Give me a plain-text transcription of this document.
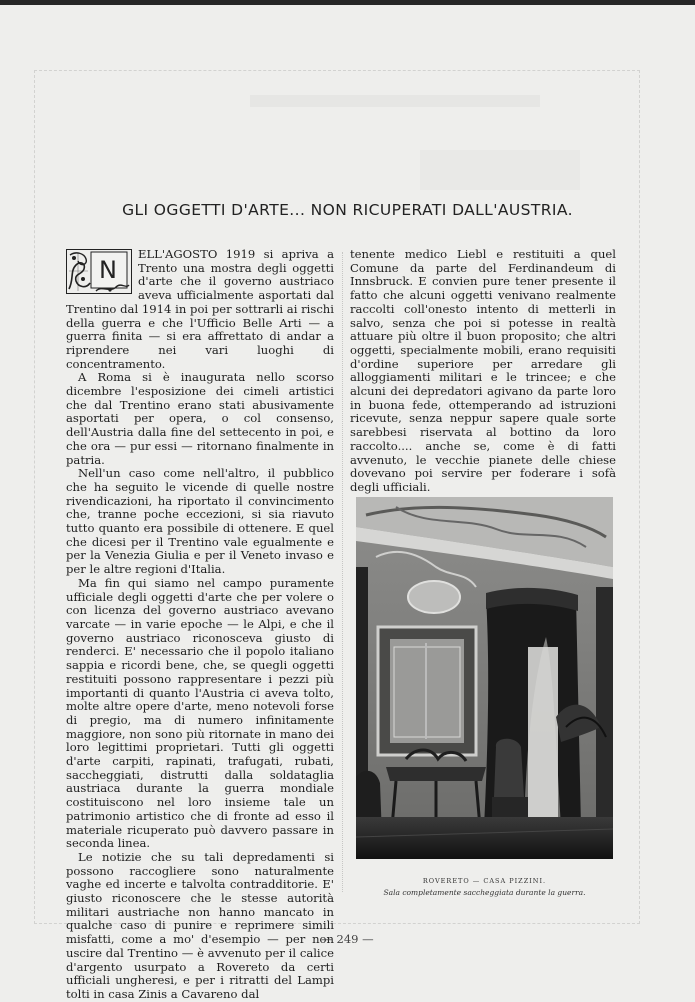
GLI OGGETTI D'ARTE... NON RICUPERATI DALL'AUSTRIA.

N
ELL'AGOSTO 1919 si apriva a Trento una mostra degli oggetti d'arte che il governo austriaco aveva ufficialmente asportati dal Trentino dal 1914 in poi per sottrarli ai rischi della guerra e che l'Ufficio Belle Arti — a guerra finita — si era affrettato di andar a riprendere nei vari luoghi di concentramento.

A Roma si è inaugurata nello scorso dicembre l'esposizione dei cimeli artistici che dal Trentino erano stati abusivamente asportati per opera, o col consenso, dell'Austria dalla fine del settecento in poi, e che ora — pur essi — ritornano finalmente in patria.

Nell'un caso come nell'altro, il pubblico che ha seguito le vicende di quelle nostre rivendicazioni, ha riportato il convincimento che, tranne poche eccezioni, si sia riavuto tutto quanto era possibile di ottenere. E quel che dicesi per il Trentino vale egualmente e per la Venezia Giulia e per il Veneto invaso e per le altre regioni d'Italia.

Ma fin qui siamo nel campo puramente ufficiale degli oggetti d'arte che per volere o con licenza del governo austriaco avevano varcate — in varie epoche — le Alpi, e che il governo austriaco riconosceva giusto di renderci. E' necessario che il popolo italiano sappia e ricordi bene, che, se quegli oggetti restituiti possono rappresentare i pezzi più importanti di quanto l'Austria ci aveva tolto, molte altre opere d'arte, meno notevoli forse di pregio, ma di numero infinitamente maggiore, non sono più ritornate in mano dei loro legittimi proprietari. Tutti gli oggetti d'arte carpiti, rapinati, trafugati, rubati, saccheggiati, distrutti dalla soldataglia austriaca durante la guerra mondiale costituiscono nel loro insieme tale un patrimonio artistico che di fronte ad esso il materiale ricuperato può davvero passare in seconda linea.

Le notizie che su tali depredamenti si possono raccogliere sono naturalmente vaghe ed incerte e talvolta contradditorie. E' giusto riconoscere che le stesse autorità militari austriache non hanno mancato in qualche caso di punire e reprimere simili misfatti, come a mo' d'esempio — per non uscire dal Trentino — è avvenuto per il calice d'argento usurpato a Rovereto da certi ufficiali ungheresi, e per i ritratti del Lampi tolti in casa Zinis a Cavareno dal

tenente medico Liebl e restituiti a quel Comune da parte del Ferdinandeum di Innsbruck. E convien pure tener presente il fatto che alcuni oggetti venivano realmente raccolti coll'onesto intento di metterli in salvo, senza che poi si potesse in realtà attuare più oltre il buon proposito; che altri oggetti, specialmente mobili, erano requisiti d'ordine superiore per arredare gli alloggiamenti militari e le trincee; e che alcuni dei depredatori agivano da parte loro in buona fede, ottemperando ad istruzioni ricevute, senza neppur sapere quale sorte sarebbesi riservata al bottino da loro raccolto.... anche se, come è di fatti avvenuto, le vecchie pianete delle chiese dovevano poi servire per foderare i sofà degli ufficiali.

ROVERETO — CASA PIZZINI.
Sala completamente saccheggiata durante la guerra.
— 249 —
